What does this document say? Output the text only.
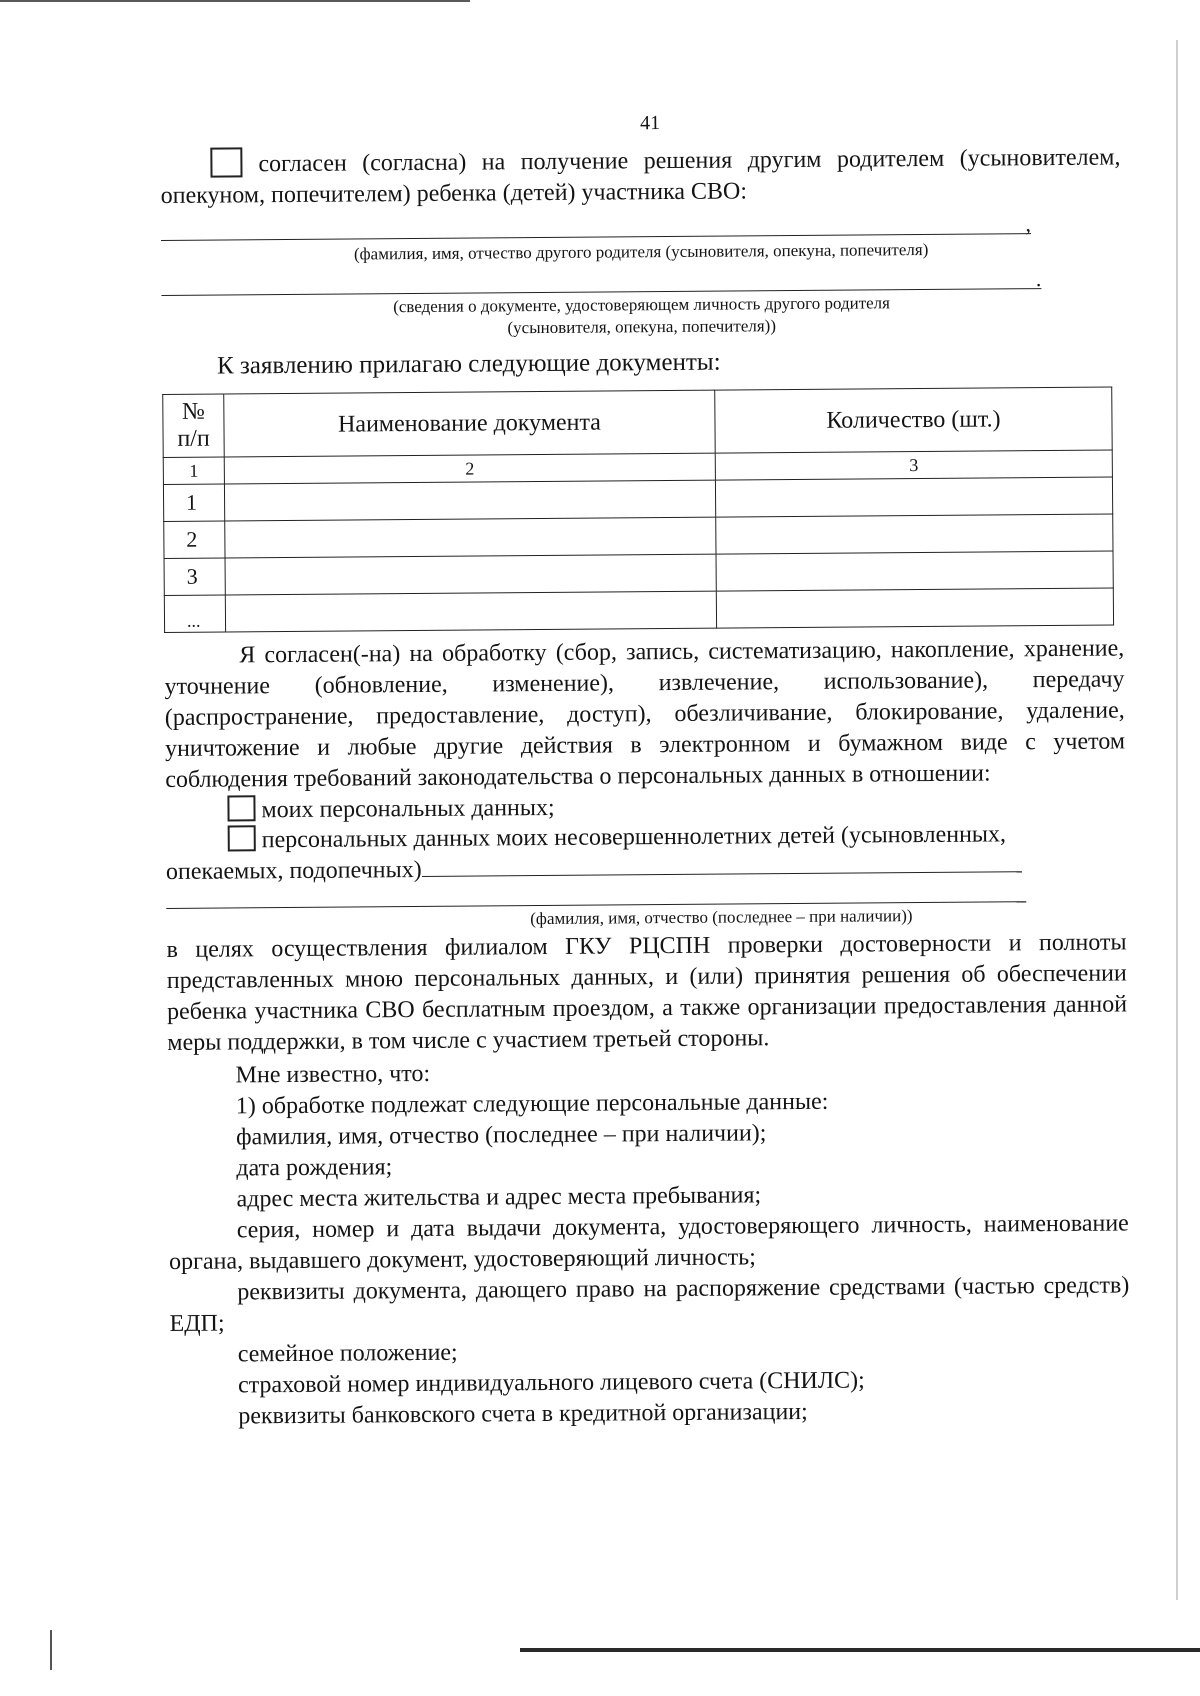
41
согласен (согласна) на получение решения другим родителем (усыновителем, опекуном, попечителем) ребенка (детей) участника СВО:
,
(фамилия, имя, отчество другого родителя (усыновителя, опекуна, попечителя)
.
(сведения о документе, удостоверяющем личность другого родителя
(усыновителя, опекуна, попечителя))
К заявлению прилагаю следующие документы:
№
п/п	Наименование документа	Количество (шт.)
1	2	3
1		
2		
3		
...		
Я согласен(-на) на обработку (сбор, запись, систематизацию, накопление, хранение, уточнение (обновление, изменение), извлечение, использование), передачу (распространение, предоставление, доступ), обезличивание, блокирование, удаление, уничтожение и любые другие действия в электронном и бумажном виде с учетом соблюдения требований законодательства о персональных данных в отношении:
моих персональных данных;
персональных данных моих несовершеннолетних детей (усыновленных,
опекаемых, подопечных)
(фамилия, имя, отчество (последнее – при наличии))
в целях осуществления филиалом ГКУ РЦСПН проверки достоверности и полноты представленных мною персональных данных, и (или) принятия решения об обеспечении ребенка участника СВО бесплатным проездом, а также организации предоставления данной меры поддержки, в том числе с участием третьей стороны.
Мне известно, что:
1) обработке подлежат следующие персональные данные:
фамилия, имя, отчество (последнее – при наличии);
дата рождения;
адрес места жительства и адрес места пребывания;
серия, номер и дата выдачи документа, удостоверяющего личность, наименование органа, выдавшего документ, удостоверяющий личность;
реквизиты документа, дающего право на распоряжение средствами (частью средств) ЕДП;
семейное положение;
страховой номер индивидуального лицевого счета (СНИЛС);
реквизиты банковского счета в кредитной организации;
